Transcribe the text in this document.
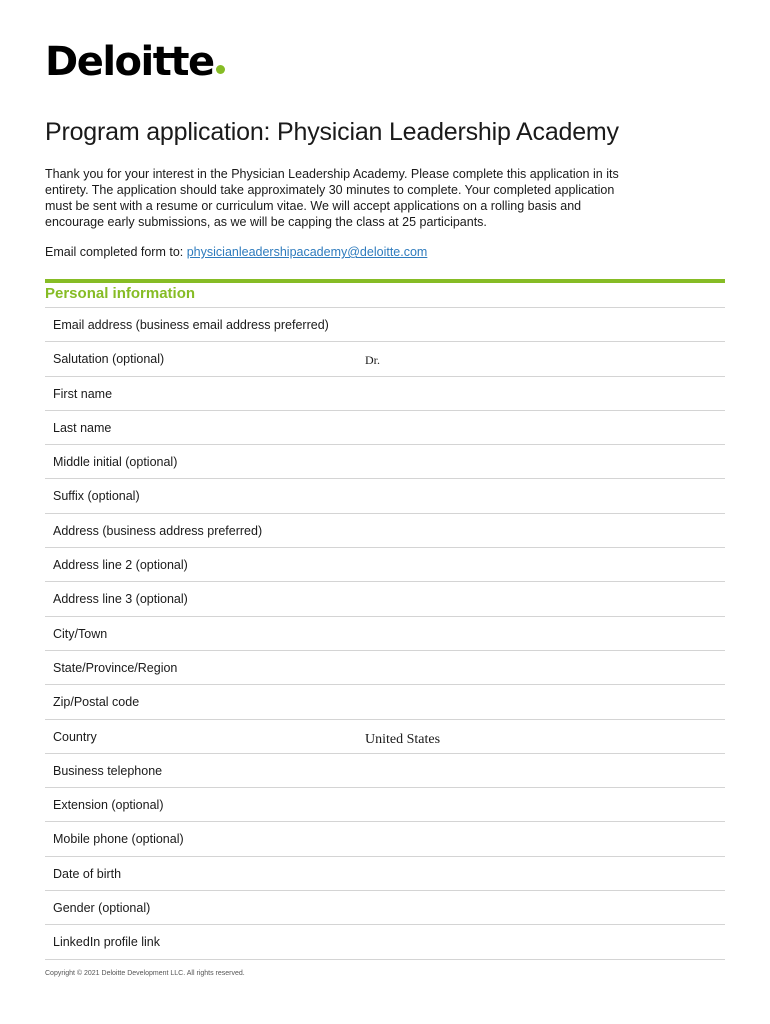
Deloitte
Program application: Physician Leadership Academy

Thank you for your interest in the Physician Leadership Academy. Please complete this application in its entirety. The application should take approximately 30 minutes to complete. Your completed application must be sent with a resume or curriculum vitae. We will accept applications on a rolling basis and encourage early submissions, as we will be capping the class at 25 participants.

Email completed form to: physicianleadershipacademy@deloitte.com

Personal information
Email address (business email address preferred)
Salutation (optional)
Dr.
First name
Last name
Middle initial (optional)
Suffix (optional)
Address (business address preferred)
Address line 2 (optional)
Address line 3 (optional)
City/Town
State/Province/Region
Zip/Postal code
Country
United States
Business telephone
Extension (optional)
Mobile phone (optional)
Date of birth
Gender (optional)
LinkedIn profile link

Copyright © 2021 Deloitte Development LLC. All rights reserved.
